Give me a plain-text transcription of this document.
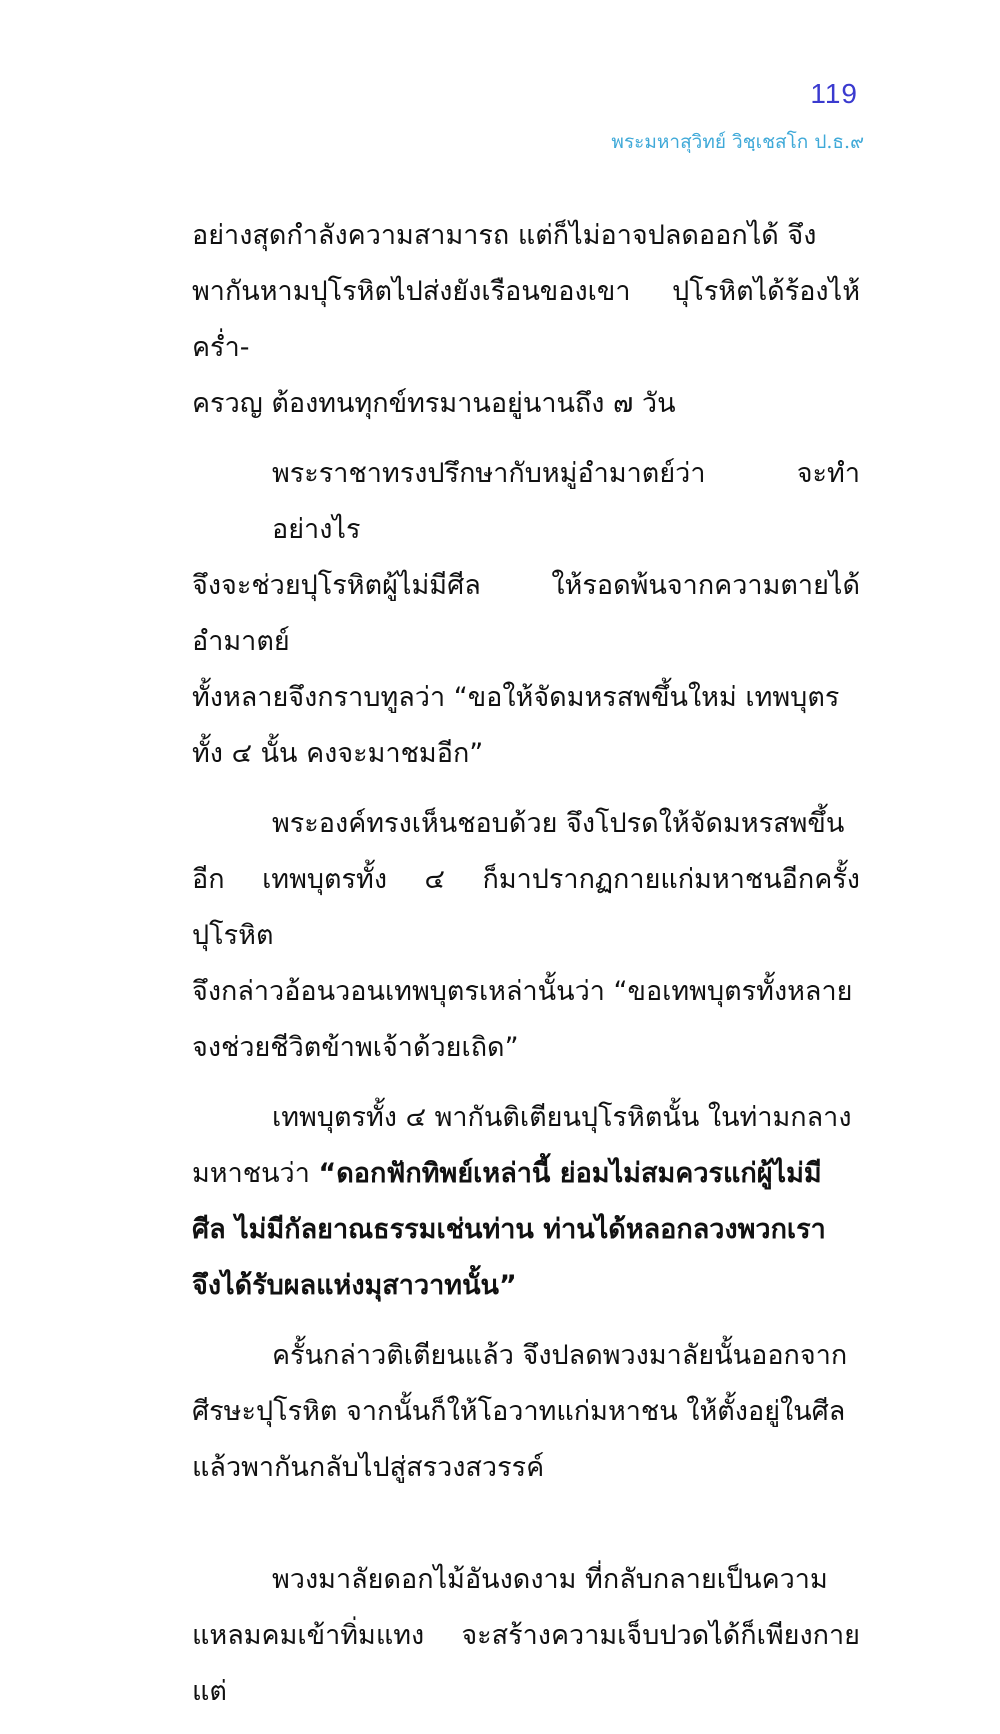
119
พระมหาสุวิทย์ วิชฺเชสโก ป.ธ.๙

อย่างสุดกำลังความสามารถ แต่ก็ไม่อาจปลดออกได้ จึง
พากันหามปุโรหิตไปส่งยังเรือนของเขา ปุโรหิตได้ร้องไห้คร่ำ-
ครวญ ต้องทนทุกข์ทรมานอยู่นานถึง ๗ วัน

พระราชาทรงปรึกษากับหมู่อำมาตย์ว่า จะทำอย่างไร
จึงจะช่วยปุโรหิตผู้ไม่มีศีล ให้รอดพ้นจากความตายได้ อำมาตย์
ทั้งหลายจึงกราบทูลว่า “ขอให้จัดมหรสพขึ้นใหม่ เทพบุตร
ทั้ง ๔ นั้น คงจะมาชมอีก”

พระองค์ทรงเห็นชอบด้วย จึงโปรดให้จัดมหรสพขึ้น
อีก เทพบุตรทั้ง ๔ ก็มาปรากฏกายแก่มหาชนอีกครั้ง ปุโรหิต
จึงกล่าวอ้อนวอนเทพบุตรเหล่านั้นว่า “ขอเทพบุตรทั้งหลาย
จงช่วยชีวิตข้าพเจ้าด้วยเถิด”

เทพบุตรทั้ง ๔ พากันติเตียนปุโรหิตนั้น ในท่ามกลาง
มหาชนว่า “ดอกฟักทิพย์เหล่านี้ ย่อมไม่สมควรแก่ผู้ไม่มี
ศีล ไม่มีกัลยาณธรรมเช่นท่าน ท่านได้หลอกลวงพวกเรา
จึงได้รับผลแห่งมุสาวาทนั้น”

ครั้นกล่าวติเตียนแล้ว จึงปลดพวงมาลัยนั้นออกจาก
ศีรษะปุโรหิต จากนั้นก็ให้โอวาทแก่มหาชน ให้ตั้งอยู่ในศีล
แล้วพากันกลับไปสู่สรวงสวรรค์

พวงมาลัยดอกไม้อันงดงาม ที่กลับกลายเป็นความ
แหลมคมเข้าทิ่มแทง จะสร้างความเจ็บปวดได้ก็เพียงกาย แต่
